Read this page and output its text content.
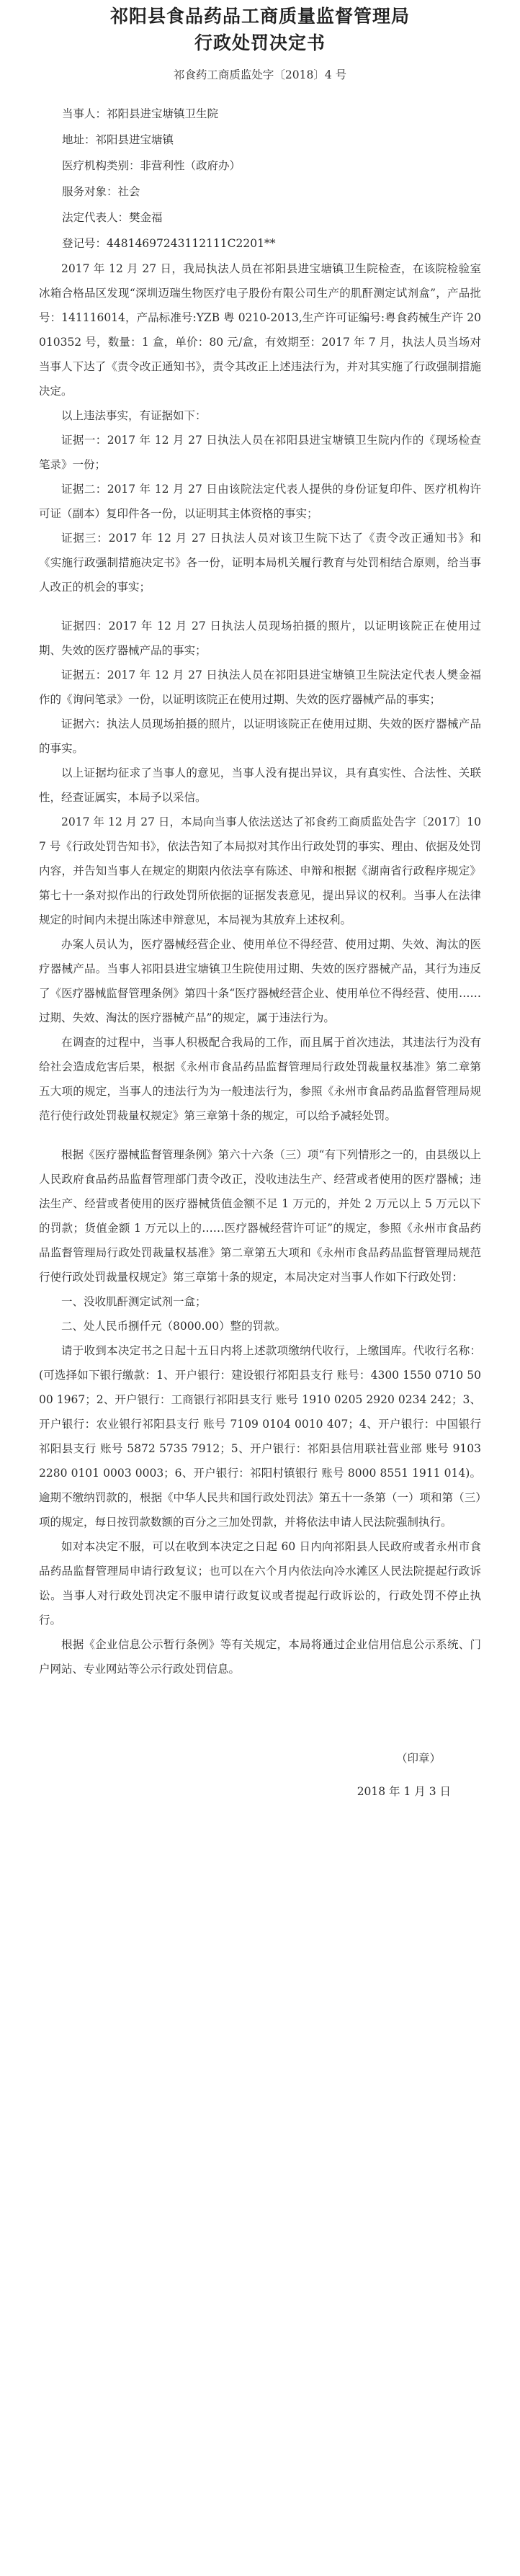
祁阳县食品药品工商质量监督管理局
行政处罚决定书
祁食药工商质监处字〔2018〕4 号

当事人：祁阳县进宝塘镇卫生院

地址：祁阳县进宝塘镇

医疗机构类别：非营利性（政府办）

服务对象：社会

法定代表人：樊金福

登记号：44814697243112111C2201**

2017 年 12 月 27 日，我局执法人员在祁阳县进宝塘镇卫生院检查，在该院检验室冰箱合格品区发现“深圳迈瑞生物医疗电子股份有限公司生产的肌酐测定试剂盒”，产品批号：141116014，产品标准号:YZB 粤 0210-2013,生产许可证编号:粤食药械生产许 20010352 号，数量：1 盒，单价：80 元/盒，有效期至：2017 年 7 月，执法人员当场对当事人下达了《责令改正通知书》，责令其改正上述违法行为，并对其实施了行政强制措施决定。

以上违法事实，有证据如下：

证据一：2017 年 12 月 27 日执法人员在祁阳县进宝塘镇卫生院内作的《现场检查笔录》一份；

证据二：2017 年 12 月 27 日由该院法定代表人提供的身份证复印件、医疗机构许可证（副本）复印件各一份，以证明其主体资格的事实；

证据三：2017 年 12 月 27 日执法人员对该卫生院下达了《责令改正通知书》和《实施行政强制措施决定书》各一份，证明本局机关履行教育与处罚相结合原则，给当事人改正的机会的事实；

证据四：2017 年 12 月 27 日执法人员现场拍摄的照片，以证明该院正在使用过期、失效的医疗器械产品的事实；

证据五：2017 年 12 月 27 日执法人员在祁阳县进宝塘镇卫生院法定代表人樊金福作的《询问笔录》一份，以证明该院正在使用过期、失效的医疗器械产品的事实；

证据六：执法人员现场拍摄的照片，以证明该院正在使用过期、失效的医疗器械产品的事实。

以上证据均征求了当事人的意见，当事人没有提出异议，具有真实性、合法性、关联性，经查证属实，本局予以采信。

2017 年 12 月 27 日，本局向当事人依法送达了祁食药工商质监处告字〔2017〕107 号《行政处罚告知书》，依法告知了本局拟对其作出行政处罚的事实、理由、依据及处罚内容，并告知当事人在规定的期限内依法享有陈述、申辩和根据《湖南省行政程序规定》第七十一条对拟作出的行政处罚所依据的证据发表意见，提出异议的权利。当事人在法律规定的时间内未提出陈述申辩意见，本局视为其放弃上述权利。

办案人员认为，医疗器械经营企业、使用单位不得经营、使用过期、失效、淘汰的医疗器械产品。当事人祁阳县进宝塘镇卫生院使用过期、失效的医疗器械产品，其行为违反了《医疗器械监督管理条例》第四十条“医疗器械经营企业、使用单位不得经营、使用……过期、失效、淘汰的医疗器械产品”的规定，属于违法行为。

在调查的过程中，当事人积极配合我局的工作，而且属于首次违法，其违法行为没有给社会造成危害后果，根据《永州市食品药品监督管理局行政处罚裁量权基准》第二章第五大项的规定，当事人的违法行为为一般违法行为，参照《永州市食品药品监督管理局规范行使行政处罚裁量权规定》第三章第十条的规定，可以给予减轻处罚。

根据《医疗器械监督管理条例》第六十六条（三）项“有下列情形之一的，由县级以上人民政府食品药品监督管理部门责令改正，没收违法生产、经营或者使用的医疗器械；违法生产、经营或者使用的医疗器械货值金额不足 1 万元的，并处 2 万元以上 5 万元以下的罚款；货值金额 1 万元以上的……医疗器械经营许可证”的规定，参照《永州市食品药品监督管理局行政处罚裁量权基准》第二章第五大项和《永州市食品药品监督管理局规范行使行政处罚裁量权规定》第三章第十条的规定，本局决定对当事人作如下行政处罚：

一、没收肌酐测定试剂一盒；

二、处人民币捌仟元（8000.00）整的罚款。

请于收到本决定书之日起十五日内将上述款项缴纳代收行，上缴国库。代收行名称：(可选择如下银行缴款：1、开户银行：建设银行祁阳县支行 账号：4300 1550 0710 5000 1967；2、开户银行：工商银行祁阳县支行 账号 1910 0205 2920 0234 242；3、开户银行：农业银行祁阳县支行 账号 7109 0104 0010 407；4、开户银行：中国银行祁阳县支行 账号 5872 5735 7912；5、开户银行：祁阳县信用联社营业部 账号 9103 2280 0101 0003 0003；6、开户银行：祁阳村镇银行 账号 8000 8551 1911 014)。逾期不缴纳罚款的，根据《中华人民共和国行政处罚法》第五十一条第（一）项和第（三）项的规定，每日按罚款数额的百分之三加处罚款，并将依法申请人民法院强制执行。

如对本决定不服，可以在收到本决定之日起 60 日内向祁阳县人民政府或者永州市食品药品监督管理局申请行政复议；也可以在六个月内依法向冷水滩区人民法院提起行政诉讼。当事人对行政处罚决定不服申请行政复议或者提起行政诉讼的，行政处罚不停止执行。

根据《企业信息公示暂行条例》等有关规定，本局将通过企业信用信息公示系统、门户网站、专业网站等公示行政处罚信息。

（印章）
2018 年 1 月 3 日
